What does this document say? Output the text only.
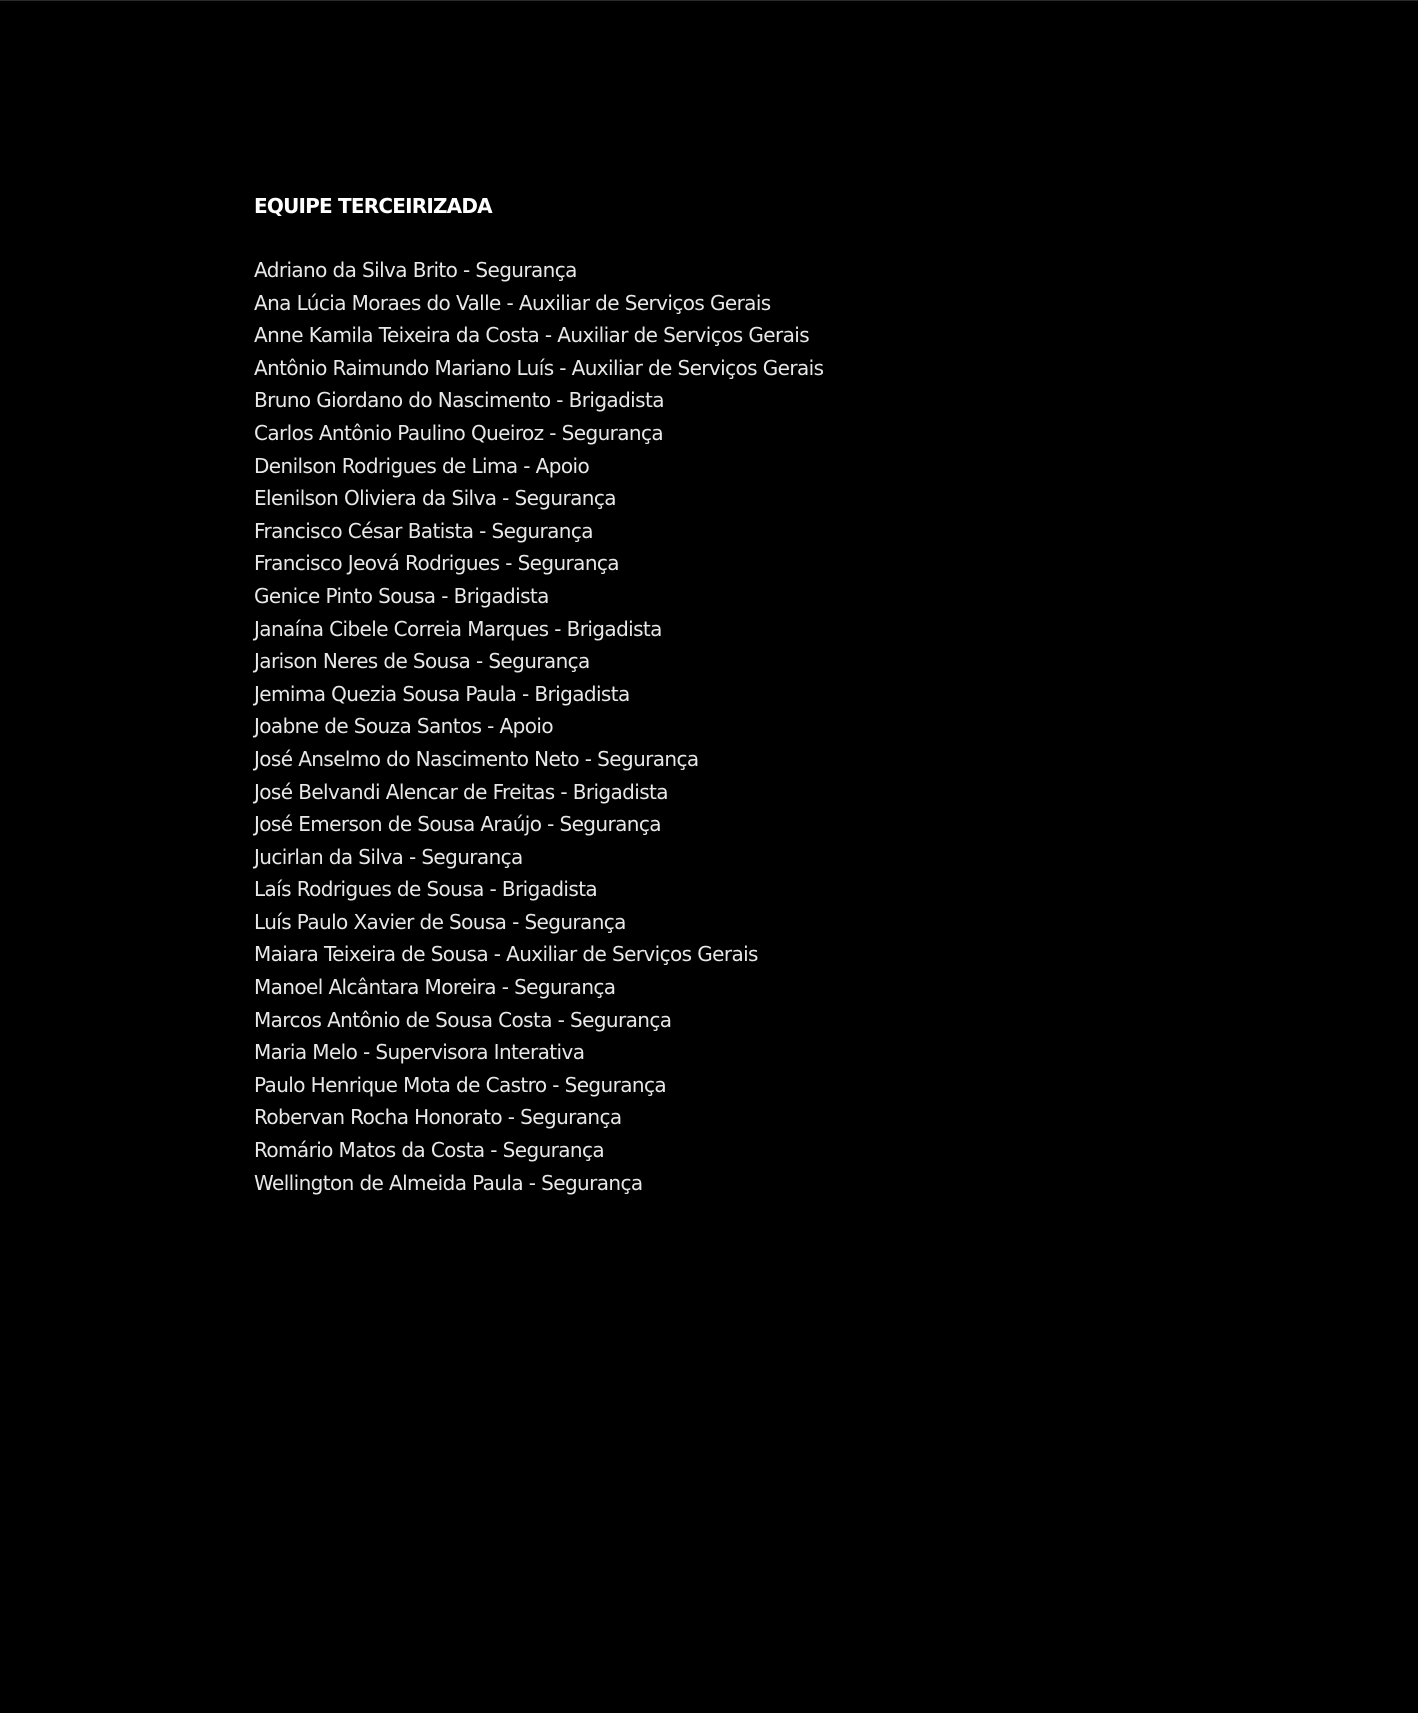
EQUIPE TERCEIRIZADA
Adriano da Silva Brito - Segurança
Ana Lúcia Moraes do Valle - Auxiliar de Serviços Gerais
Anne Kamila Teixeira da Costa - Auxiliar de Serviços Gerais
Antônio Raimundo Mariano Luís - Auxiliar de Serviços Gerais
Bruno Giordano do Nascimento - Brigadista
Carlos Antônio Paulino Queiroz - Segurança
Denilson Rodrigues de Lima - Apoio
Elenilson Oliviera da Silva - Segurança
Francisco César Batista - Segurança
Francisco Jeová Rodrigues - Segurança
Genice Pinto Sousa - Brigadista
Janaína Cibele Correia Marques - Brigadista
Jarison Neres de Sousa - Segurança
Jemima Quezia Sousa Paula - Brigadista
Joabne de Souza Santos - Apoio
José Anselmo do Nascimento Neto - Segurança
José Belvandi Alencar de Freitas - Brigadista
José Emerson de Sousa Araújo - Segurança
Jucirlan da Silva - Segurança
Laís Rodrigues de Sousa - Brigadista
Luís Paulo Xavier de Sousa - Segurança
Maiara Teixeira de Sousa - Auxiliar de Serviços Gerais
Manoel Alcântara Moreira - Segurança
Marcos Antônio de Sousa Costa - Segurança
Maria Melo - Supervisora Interativa
Paulo Henrique Mota de Castro - Segurança
Robervan Rocha Honorato - Segurança
Romário Matos da Costa - Segurança
Wellington de Almeida Paula - Segurança
